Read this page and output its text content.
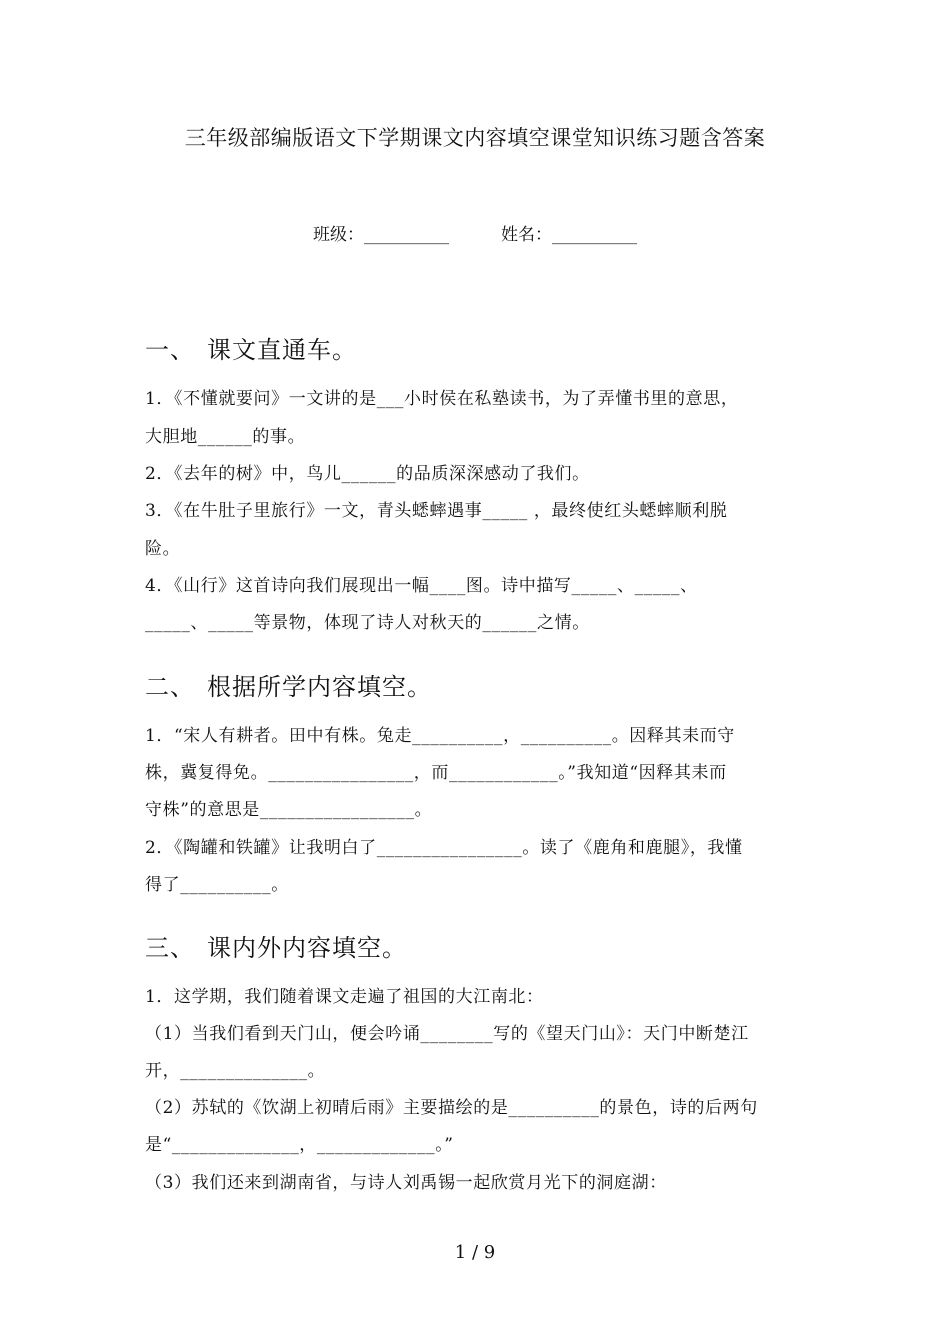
三年级部编版语文下学期课文内容填空课堂知识练习题含答案
班级：__________	姓名：__________
一、 课文直通车。
1．《不懂就要问》一文讲的是___小时侯在私塾读书，为了弄懂书里的意思，
大胆地______的事。
2．《去年的树》中，鸟儿______的品质深深感动了我们。
3．《在牛肚子里旅行》一文，青头蟋蟀遇事_____ ，最终使红头蟋蟀顺利脱
险。
4．《山行》这首诗向我们展现出一幅____图。诗中描写_____、_____、
_____、_____等景物，体现了诗人对秋天的______之情。
二、 根据所学内容填空。
1．“宋人有耕者。田中有株。兔走__________，__________。因释其耒而守
株，冀复得免。________________，而____________。”我知道“因释其耒而
守株”的意思是_________________。
2．《陶罐和铁罐》让我明白了________________。读了《鹿角和鹿腿》，我懂
得了__________。
三、 课内外内容填空。
1．这学期，我们随着课文走遍了祖国的大江南北：
（1）当我们看到天门山，便会吟诵________写的《望天门山》：天门中断楚江
开，______________。
（2）苏轼的《饮湖上初晴后雨》主要描绘的是__________的景色，诗的后两句
是“______________，_____________。”
（3）我们还来到湖南省，与诗人刘禹锡一起欣赏月光下的洞庭湖：
1 / 9
